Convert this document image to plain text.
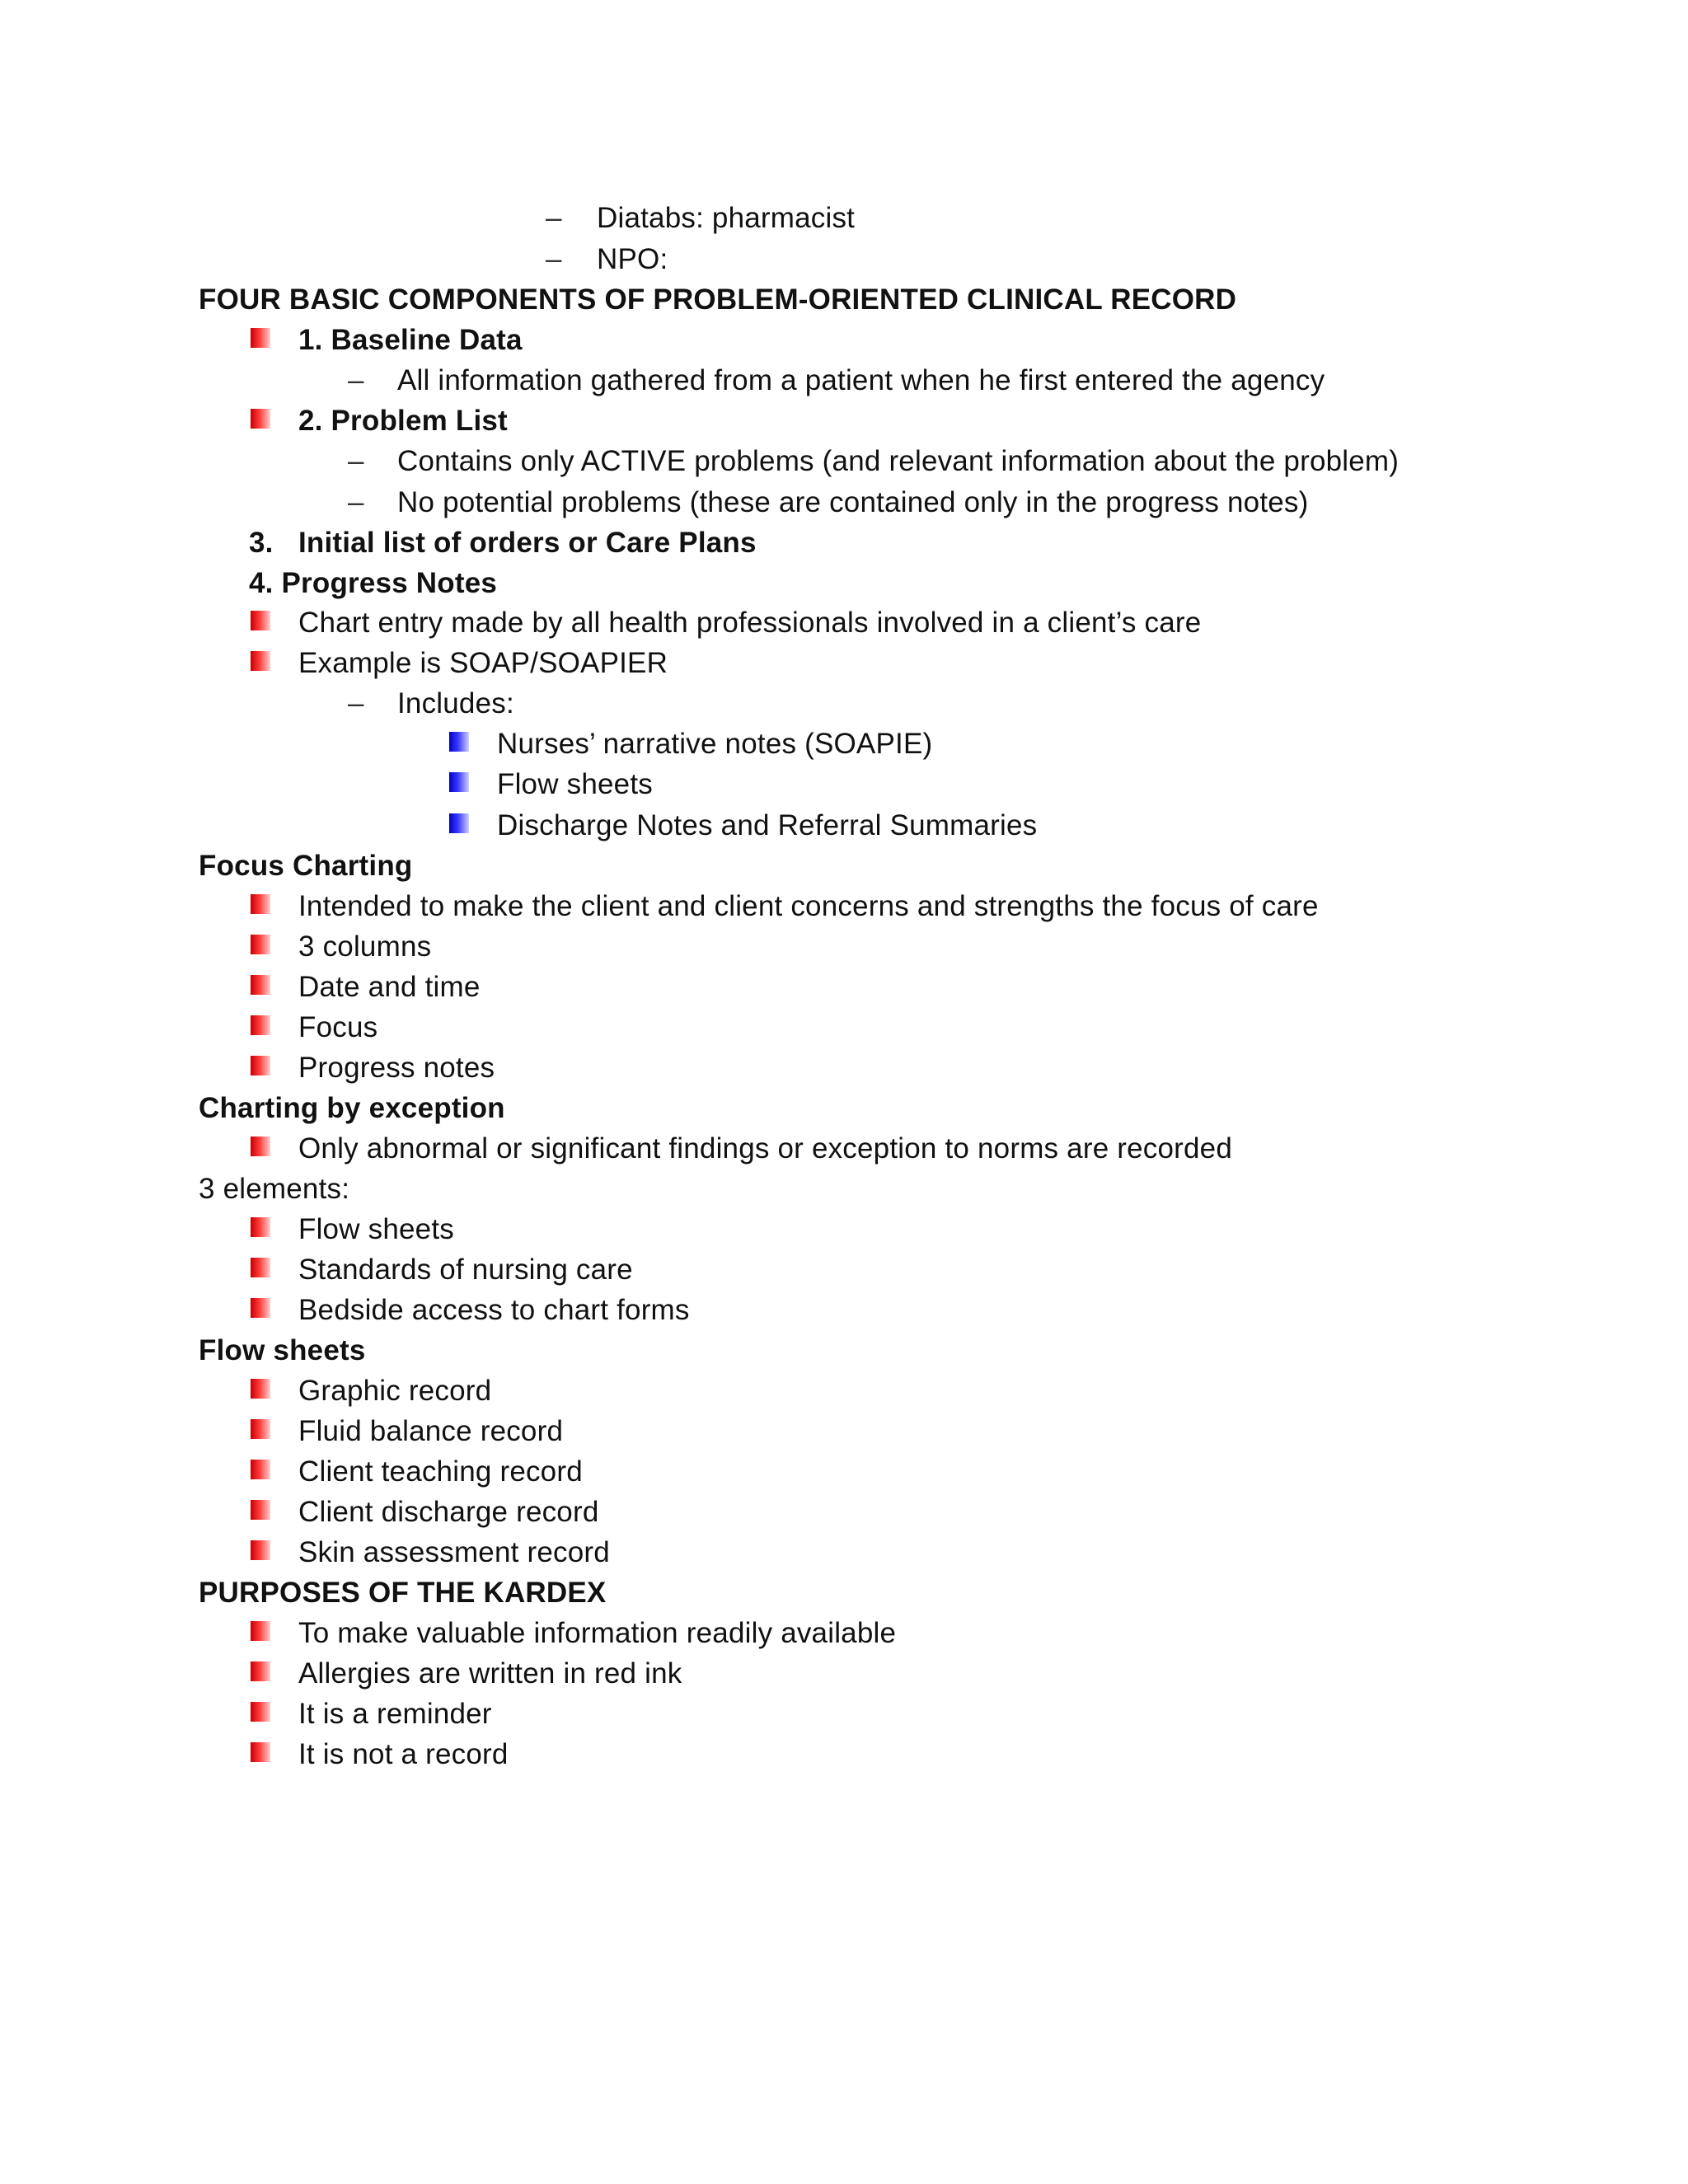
– Diatabs: pharmacist
– NPO:
FOUR BASIC COMPONENTS OF PROBLEM-ORIENTED CLINICAL RECORD
1. Baseline Data
– All information gathered from a patient when he first entered the agency
2. Problem List
– Contains only ACTIVE problems (and relevant information about the problem)
– No potential problems (these are contained only in the progress notes)
3. Initial list of orders or Care Plans
4. Progress Notes
Chart entry made by all health professionals involved in a client’s care
Example is SOAP/SOAPIER
– Includes:
Nurses’ narrative notes (SOAPIE)
Flow sheets
Discharge Notes and Referral Summaries
Focus Charting
Intended to make the client and client concerns and strengths the focus of care
3 columns
Date and time
Focus
Progress notes
Charting by exception
Only abnormal or significant findings or exception to norms are recorded
3 elements:
Flow sheets
Standards of nursing care
Bedside access to chart forms
Flow sheets
Graphic record
Fluid balance record
Client teaching record
Client discharge record
Skin assessment record
PURPOSES OF THE KARDEX
To make valuable information readily available
Allergies are written in red ink
It is a reminder
It is not a record
